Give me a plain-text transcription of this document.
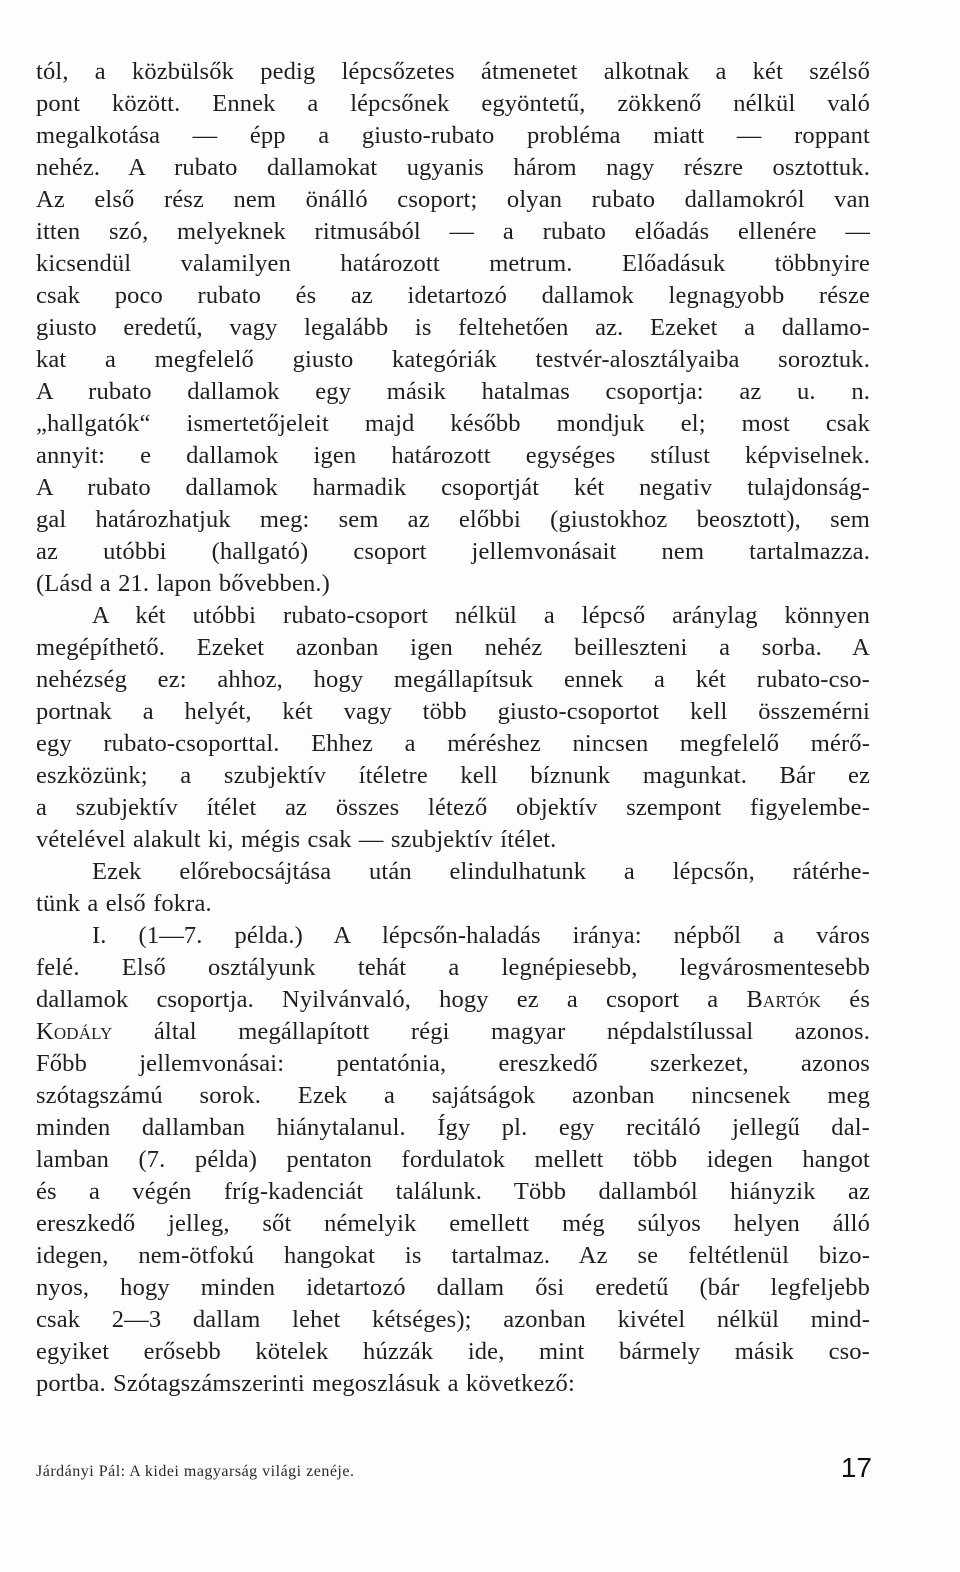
tól, a közbülsők pedig lépcsőzetes átmenetet alkotnak a két szélső
pont között. Ennek a lépcsőnek egyöntetű, zökkenő nélkül való
megalkotása — épp a giusto-rubato probléma miatt — roppant
nehéz. A rubato dallamokat ugyanis három nagy részre osztottuk.
Az első rész nem önálló csoport; olyan rubato dallamokról van
itten szó, melyeknek ritmusából — a rubato előadás ellenére —
kicsendül valamilyen határozott metrum. Előadásuk többnyire
csak poco rubato és az idetartozó dallamok legnagyobb része
giusto eredetű, vagy legalább is feltehetően az. Ezeket a dallamo-
kat a megfelelő giusto kategóriák testvér-alosztályaiba soroztuk.
A rubato dallamok egy másik hatalmas csoportja: az u. n.
„hallgatók“ ismertetőjeleit majd később mondjuk el; most csak
annyit: e dallamok igen határozott egységes stílust képviselnek.
A rubato dallamok harmadik csoportját két negativ tulajdonság-
gal határozhatjuk meg: sem az előbbi (giustokhoz beosztott), sem
az utóbbi (hallgató) csoport jellemvonásait nem tartalmazza.
(Lásd a 21. lapon bővebben.)
A két utóbbi rubato-csoport nélkül a lépcső aránylag könnyen
megépíthető. Ezeket azonban igen nehéz beilleszteni a sorba. A
nehézség ez: ahhoz, hogy megállapítsuk ennek a két rubato-cso-
portnak a helyét, két vagy több giusto-csoportot kell összemérni
egy rubato-csoporttal. Ehhez a méréshez nincsen megfelelő mérő-
eszközünk; a szubjektív ítéletre kell bíznunk magunkat. Bár ez
a szubjektív ítélet az összes létező objektív szempont figyelembe-
vételével alakult ki, mégis csak — szubjektív ítélet.
Ezek előrebocsájtása után elindulhatunk a lépcsőn, rátérhe-
tünk a első fokra.
I. (1—7. példa.) A lépcsőn-haladás iránya: népből a város
felé. Első osztályunk tehát a legnépiesebb, legvárosmentesebb
dallamok csoportja. Nyilvánvaló, hogy ez a csoport a Bartók és
Kodály által megállapított régi magyar népdalstílussal azonos.
Főbb jellemvonásai: pentatónia, ereszkedő szerkezet, azonos
szótagszámú sorok. Ezek a sajátságok azonban nincsenek meg
minden dallamban hiánytalanul. Így pl. egy recitáló jellegű dal-
lamban (7. példa) pentaton fordulatok mellett több idegen hangot
és a végén fríg-kadenciát találunk. Több dallamból hiányzik az
ereszkedő jelleg, sőt némelyik emellett még súlyos helyen álló
idegen, nem-ötfokú hangokat is tartalmaz. Az se feltétlenül bizo-
nyos, hogy minden idetartozó dallam ősi eredetű (bár legfeljebb
csak 2—3 dallam lehet kétséges); azonban kivétel nélkül mind-
egyiket erősebb kötelek húzzák ide, mint bármely másik cso-
portba. Szótagszámszerinti megoszlásuk a következő:
Járdányi Pál: A kidei magyarság világi zenéje.	17
